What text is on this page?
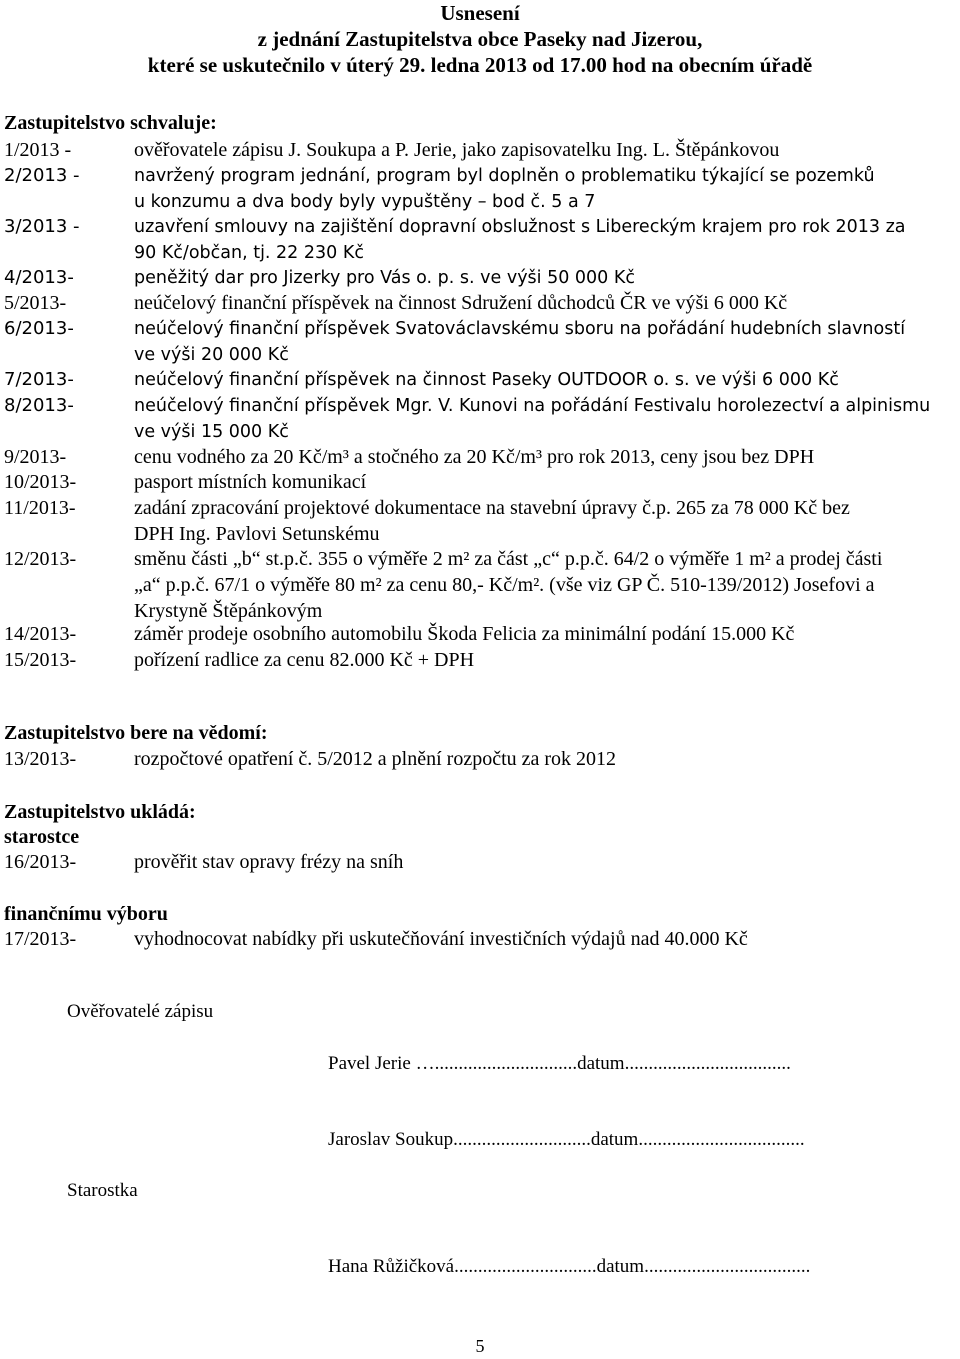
Usnesení
z jednání Zastupitelstva obce Paseky nad Jizerou,
které se uskutečnilo v úterý 29. ledna 2013 od 17.00 hod na obecním úřadě
Zastupitelstvo schvaluje:
1/2013 -	ověřovatele zápisu J. Soukupa a P. Jerie, jako zapisovatelku Ing. L. Štěpánkovou
2/2013 -	navržený program jednání, program byl doplněn o problematiku týkající se pozemků
u konzumu a dva body byly vypuštěny – bod č. 5 a 7
3/2013 -	uzavření smlouvy na zajištění dopravní obslužnost s Libereckým krajem pro rok 2013 za
90 Kč/občan, tj. 22 230 Kč
4/2013-	peněžitý dar pro Jizerky pro Vás o. p. s. ve výši 50 000 Kč
5/2013-	neúčelový finanční příspěvek na činnost Sdružení důchodců ČR ve výši 6 000 Kč
6/2013-	neúčelový finanční příspěvek Svatováclavskému sboru na pořádání hudebních slavností
ve výši 20 000 Kč
7/2013-	neúčelový finanční příspěvek na činnost Paseky OUTDOOR o. s. ve výši 6 000 Kč
8/2013-	neúčelový finanční příspěvek Mgr. V. Kunovi na pořádání Festivalu horolezectví a alpinismu
ve výši 15 000 Kč
9/2013-	cenu vodného za 20 Kč/m³ a stočného za 20 Kč/m³ pro rok 2013, ceny jsou bez DPH
10/2013-	pasport místních komunikací
11/2013-	zadání zpracování projektové dokumentace na stavební úpravy č.p. 265 za 78 000 Kč bez
DPH Ing. Pavlovi Setunskému
12/2013-	směnu části „b“ st.p.č. 355 o výměře 2 m² za část „c“ p.p.č. 64/2 o výměře 1 m² a prodej části
„a“ p.p.č. 67/1 o výměře 80 m² za cenu 80,- Kč/m². (vše viz GP Č. 510-139/2012) Josefovi a
Krystyně Štěpánkovým
14/2013-	záměr prodeje osobního automobilu Škoda Felicia za minimální podání 15.000 Kč
15/2013-	pořízení radlice za cenu 82.000 Kč + DPH
Zastupitelstvo bere na vědomí:
13/2013-	rozpočtové opatření č. 5/2012 a plnění rozpočtu za rok 2012
Zastupitelstvo ukládá:
starostce
16/2013-	prověřit stav opravy frézy na sníh
finančnímu výboru
17/2013-	vyhodnocovat nabídky při uskutečňování investičních výdajů nad 40.000 Kč
Ověřovatelé zápisu
Pavel Jerie …..............................datum...................................
Jaroslav Soukup.............................datum...................................
Starostka
Hana Růžičková..............................datum...................................
5
